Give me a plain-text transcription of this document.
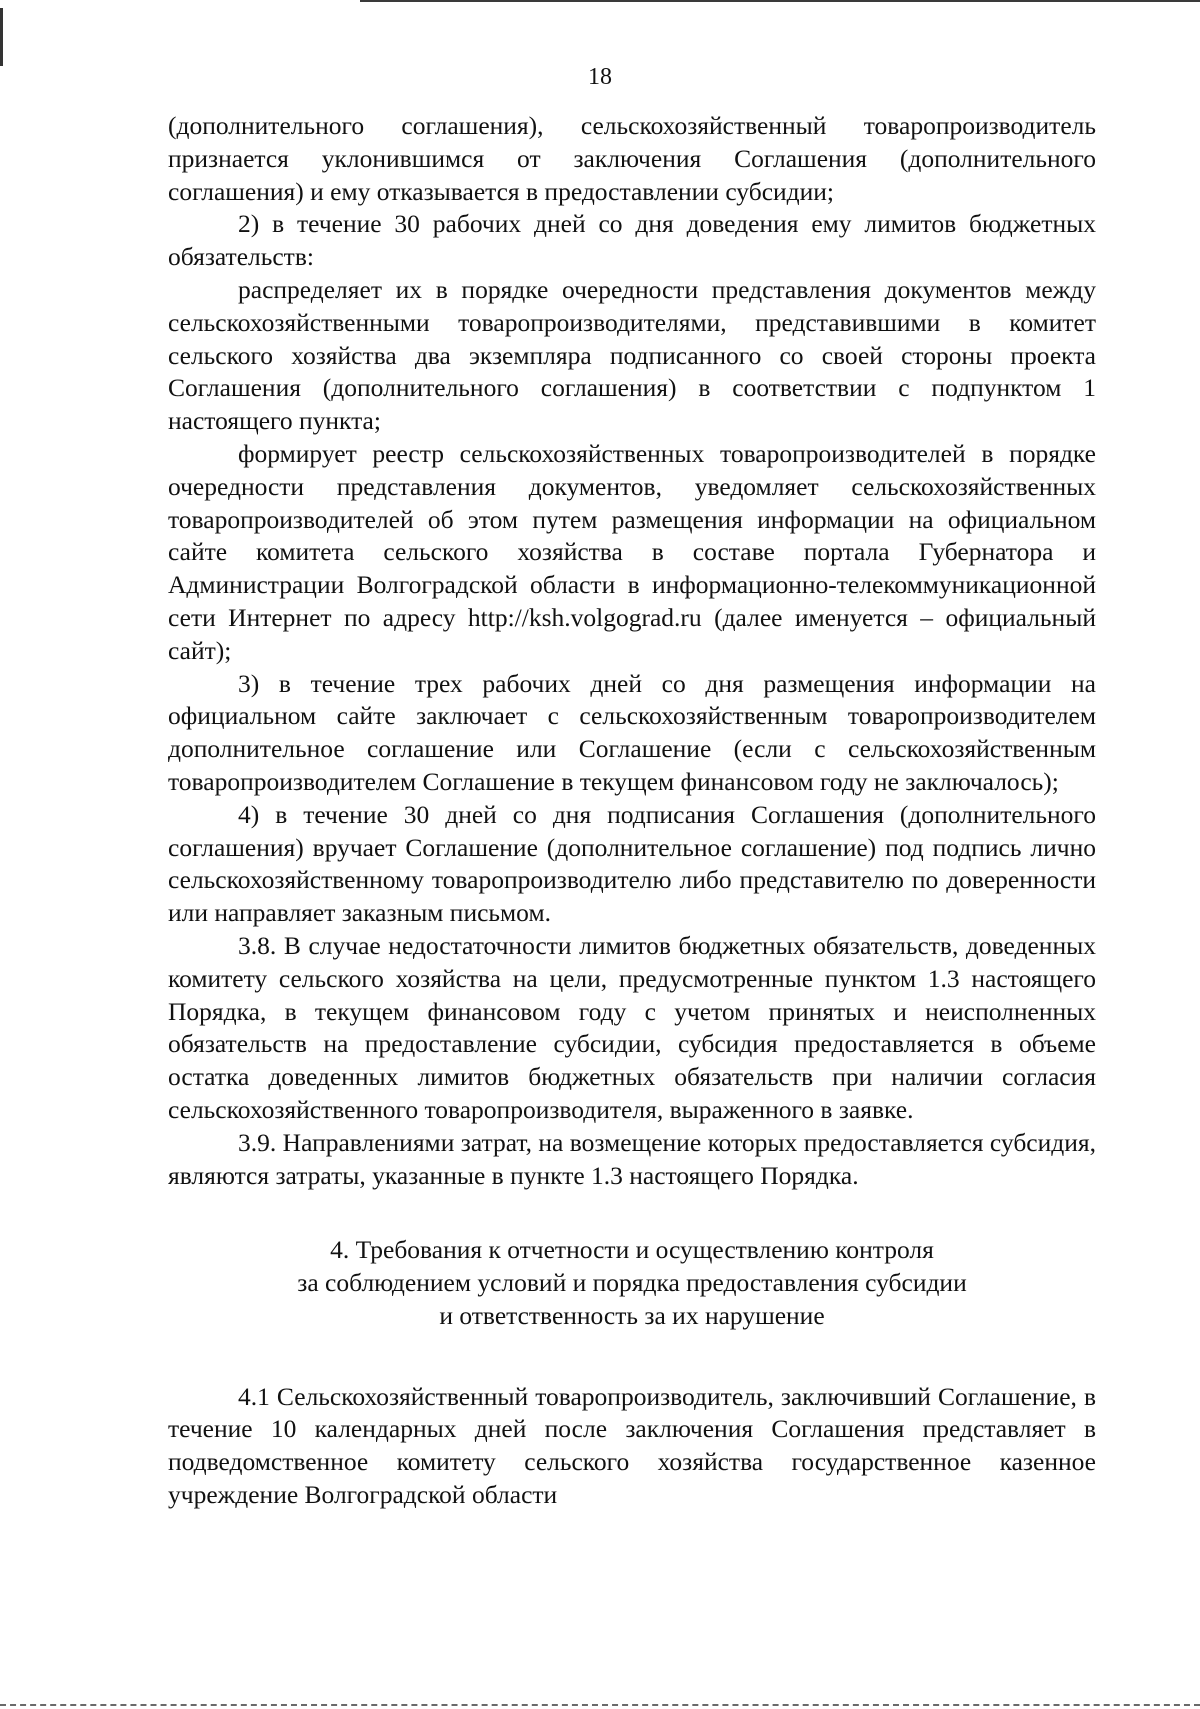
18

(дополнительного соглашения), сельскохозяйственный товаропроизводитель признается уклонившимся от заключения Соглашения (дополнительного соглашения) и ему отказывается в предоставлении субсидии;

2) в течение 30 рабочих дней со дня доведения ему лимитов бюджетных обязательств:

распределяет их в порядке очередности представления документов между сельскохозяйственными товаропроизводителями, представившими в комитет сельского хозяйства два экземпляра подписанного со своей стороны проекта Соглашения (дополнительного соглашения) в соответствии с подпунктом 1 настоящего пункта;

формирует реестр сельскохозяйственных товаропроизводителей в порядке очередности представления документов, уведомляет сельскохозяйственных товаропроизводителей об этом путем размещения информации на официальном сайте комитета сельского хозяйства в составе портала Губернатора и Администрации Волгоградской области в информационно-телекоммуникационной сети Интернет по адресу http://ksh.volgograd.ru (далее именуется – официальный сайт);

3) в течение трех рабочих дней со дня размещения информации на официальном сайте заключает с сельскохозяйственным товаропроизводителем дополнительное соглашение или Соглашение (если с сельскохозяйственным товаропроизводителем Соглашение в текущем финансовом году не заключалось);

4) в течение 30 дней со дня подписания Соглашения (дополнительного соглашения) вручает Соглашение (дополнительное соглашение) под подпись лично сельскохозяйственному товаропроизводителю либо представителю по доверенности или направляет заказным письмом.

3.8. В случае недостаточности лимитов бюджетных обязательств, доведенных комитету сельского хозяйства на цели, предусмотренные пунктом 1.3 настоящего Порядка, в текущем финансовом году с учетом принятых и неисполненных обязательств на предоставление субсидии, субсидия предоставляется в объеме остатка доведенных лимитов бюджетных обязательств при наличии согласия сельскохозяйственного товаропроизводителя, выраженного в заявке.

3.9. Направлениями затрат, на возмещение которых предоставляется субсидия, являются затраты, указанные в пункте 1.3 настоящего Порядка.

4. Требования к отчетности и осуществлению контроля
за соблюдением условий и порядка предоставления субсидии
и ответственность за их нарушение

4.1 Сельскохозяйственный товаропроизводитель, заключивший Соглашение, в течение 10 календарных дней после заключения Соглашения представляет в подведомственное комитету сельского хозяйства государственное казенное учреждение Волгоградской области
